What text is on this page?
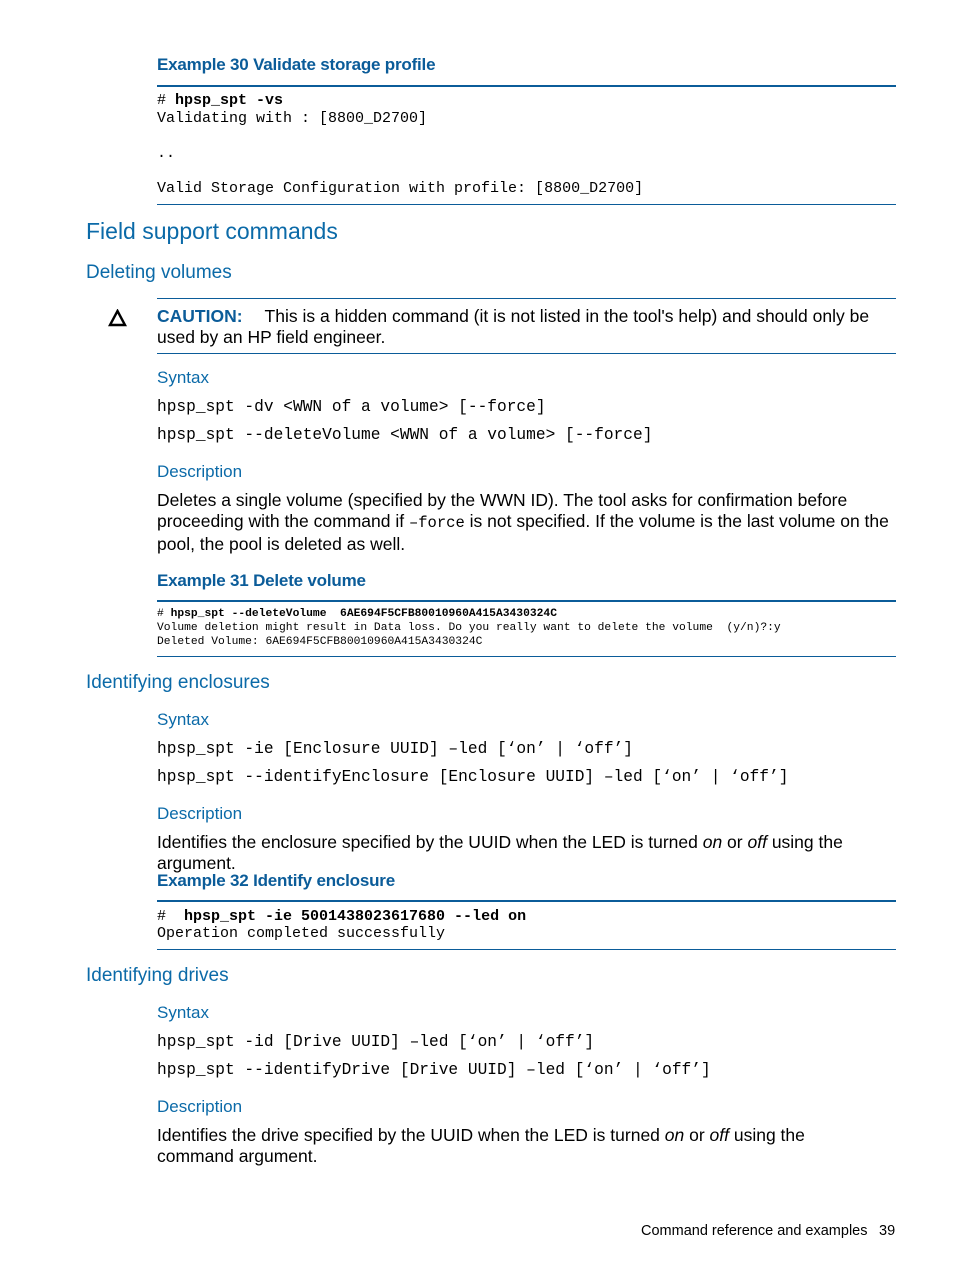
Example 30 Validate storage profile
# hpsp_spt -vs
Validating with : [8800_D2700]
..
Valid Storage Configuration with profile: [8800_D2700]
Field support commands
Deleting volumes
CAUTION: This is a hidden command (it is not listed in the tool's help) and should only be used by an HP field engineer.
Syntax
hpsp_spt -dv <WWN of a volume> [--force]
hpsp_spt --deleteVolume <WWN of a volume> [--force]
Description
Deletes a single volume (specified by the WWN ID). The tool asks for confirmation before proceeding with the command if –force is not specified. If the volume is the last volume on the pool, the pool is deleted as well.
Example 31 Delete volume
# hpsp_spt --deleteVolume  6AE694F5CFB80010960A415A3430324C
Volume deletion might result in Data loss. Do you really want to delete the volume  (y/n)?:y
Deleted Volume: 6AE694F5CFB80010960A415A3430324C
Identifying enclosures
Syntax
hpsp_spt -ie [Enclosure UUID] –led [‘on’ | ‘off’]
hpsp_spt --identifyEnclosure [Enclosure UUID] –led [‘on’ | ‘off’]
Description
Identifies the enclosure specified by the UUID when the LED is turned on or off using the argument.
Example 32 Identify enclosure
#  hpsp_spt -ie 5001438023617680 --led on
Operation completed successfully
Identifying drives
Syntax
hpsp_spt -id [Drive UUID] –led [‘on’ | ‘off’]
hpsp_spt --identifyDrive [Drive UUID] –led [‘on’ | ‘off’]
Description
Identifies the drive specified by the UUID when the LED is turned on or off using the command argument.
Command reference and examples 39
